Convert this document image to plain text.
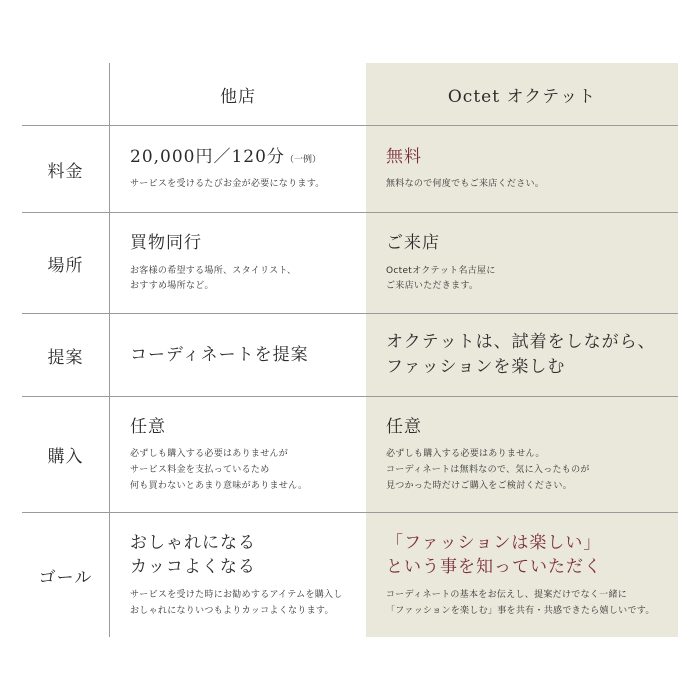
他店	Octet オクテット
料金
20,000円／120分（一例）
サービスを受けるたびお金が必要になります。
無料
無料なので何度でもご来店ください。
場所
買物同行
お客様の希望する場所、スタイリスト、
おすすめ場所など。
ご来店
Octetオクテット名古屋に
ご来店いただきます。
提案	コーディネートを提案
オクテットは、試着をしながら、
ファッションを楽しむ
購入
任意
必ずしも購入する必要はありませんが
サービス料金を支払っているため
何も買わないとあまり意味がありません。
任意
必ずしも購入する必要はありません。
コーディネートは無料なので、気に入ったものが
見つかった時だけご購入をご検討ください。
ゴール
おしゃれになる
カッコよくなる
サービスを受けた時にお勧めするアイテムを購入し
おしゃれになりいつもよりカッコよくなります。
「ファッションは楽しい」
という事を知っていただく
コーディネートの基本をお伝えし、提案だけでなく一緒に
「ファッションを楽しむ」事を共有・共感できたら嬉しいです。
